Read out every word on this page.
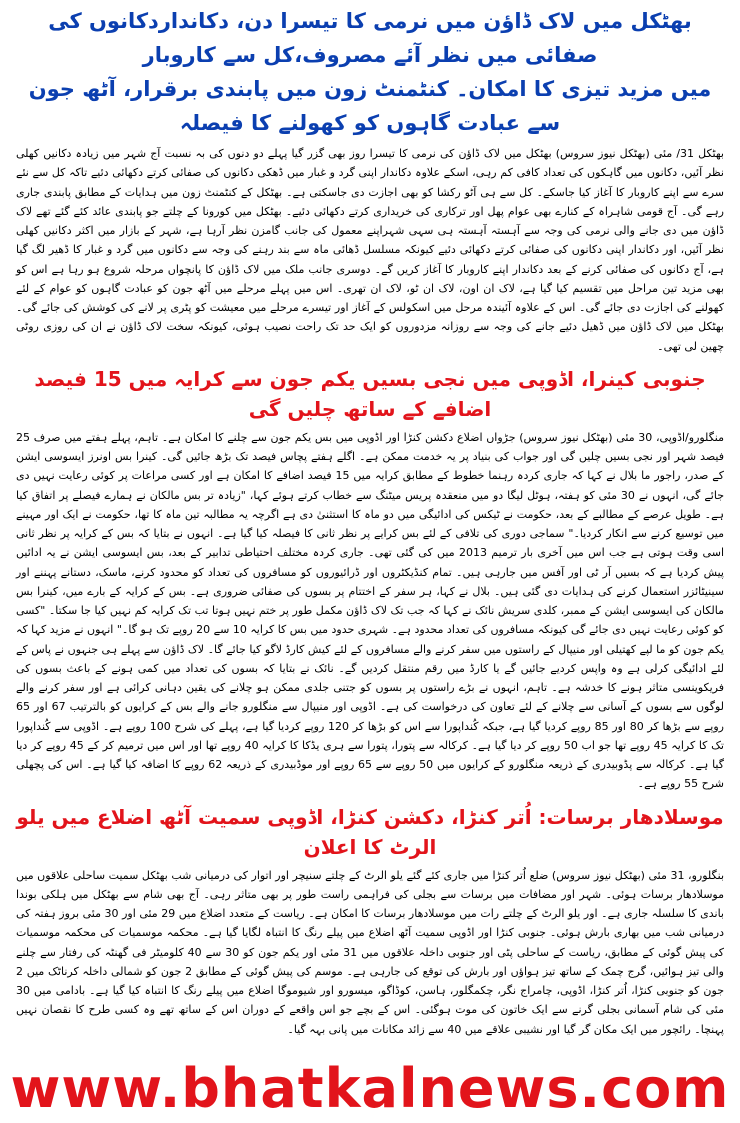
بھٹکل میں لاک ڈاؤن میں نرمی کا تیسرا دن، دکانداردکانوں کی صفائی میں نظر آئے مصروف،کل سے کاروبار
میں مزید تیزی کا امکان۔ کنٹمنٹ زون میں پابندی برقرار، آٹھ جون سے عبادت گاہوں کو کھولنے کا فیصلہ

بھٹکل 31/ مئی (بھٹکل نیوز سروس) بھٹکل میں لاک ڈاؤن کی نرمی کا تیسرا روز بھی گزر گیا پہلے دو دنوں کی بہ نسبت آج شہر میں زیادہ دکانیں کھلی نظر آئیں، دکانوں میں گاہکوں کی تعداد کافی کم رہی، اسکے علاوہ دکاندار اپنی گرد و غبار میں ڈھکی دکانوں کی صفائی کرتے دکھائی دئیے تاکہ کل سے نئے سرے سے اپنے کاروبار کا آغاز کیا جاسکے۔ کل سے ہی آٹو رکشا کو بھی اجازت دی جاسکتی ہے۔ بھٹکل کے کنٹمنٹ زون میں ہدایات کے مطابق پابندی جاری رہے گی۔ آج قومی شاہراہ کے کنارے بھی عوام پھل اور ترکاری کی خریداری کرتے دکھائی دئیے۔ بھٹکل میں کورونا کے چلتے جو پابندی عائد کئے گئے تھے لاک ڈاؤن میں دی جانے والی نرمی کی وجہ سے آہستہ آہستہ ہی سہی شہراپنے معمول کی جانب گامزن نظر آرہا ہے، شہر کے بازار میں اکثر دکانیں کھلی نظر آئیں، اور دکاندار اپنی دکانوں کی صفائی کرتے دکھائی دئیے کیونکہ مسلسل ڈھائی ماہ سے بند رہنے کی وجہ سے دکانوں میں گرد و غبار کا ڈھیر لگ گیا ہے، آج دکانوں کی صفائی کرنے کے بعد دکاندار اپنے کاروبار کا آغاز کریں گے۔ دوسری جانب ملک میں لاک ڈاؤن کا پانچواں مرحلہ شروع ہو رہا ہے اس کو بھی مزید تین مراحل میں تقسیم کیا گیا ہے، لاک ان اون، لاک ان ٹو، لاک ان تھری۔ اس میں پہلے مرحلے میں آٹھ جون کو عبادت گاہوں کو عوام کے لئے کھولنے کی اجازت دی جائے گی۔ اس کے علاوہ آئیندہ مرحل میں اسکولس کے آغاز اور تیسرے مرحلے میں معیشت کو پٹری پر لانے کی کوشش کی جائے گی۔ بھٹکل میں لاک ڈاؤن میں ڈھیل دئیے جانے کی وجہ سے روزانہ مزدوروں کو ایک حد تک راحت نصیب ہوئی، کیونکہ سخت لاک ڈاؤن نے ان کی روزی روٹی چھین لی تھی۔

جنوبی کینرا، اڈوپی میں نجی بسیں یکم جون سے کرایہ میں 15 فیصد اضافے کے ساتھ چلیں گی

منگلورو/اڈوپی، 30 مئی (بھٹکل نیوز سروس) جڑواں اضلاع دکشن کنڑا اور اڈوپی میں بس یکم جون سے چلنے کا امکان ہے۔ تاہم، پہلے ہفتے میں صرف 25 فیصد شہر اور نجی بسیں چلیں گی اور جواب کی بنیاد پر یہ خدمت ممکن ہے۔ اگلے ہفتے پچاس فیصد تک بڑھ جائیں گی۔ کینرا بس اونرز ایسوسی ایشن کے صدر، راجور ما بلال نے کہا کہ جاری کردہ رہنما خطوط کے مطابق کرایہ میں 15 فیصد اضافے کا امکان ہے اور کسی مراعات پر کوئی رعایت نہیں دی جائے گی، انہوں نے 30 مئی کو ہفتہ، ہوٹل لیگا دو میں منعقدہ پریس میٹنگ سے خطاب کرتے ہوئے کہا، "زیادہ تر بس مالکان نے ہمارے فیصلے پر اتفاق کیا ہے۔ طویل عرصے کے مطالبے کے بعد، حکومت نے ٹیکس کی ادائیگی میں دو ماہ کا استثنیٰ دی ہے اگرچہ یہ مطالبہ تین ماہ کا تھا، حکومت نے ایک اور مہینے میں توسیع کرنے سے انکار کردیا۔" سماجی دوری کی تلافی کے لئے بس کرایے پر نظر ثانی کا فیصلہ کیا گیا ہے۔ انہوں نے بتایا کہ بس کے کرایہ پر نظر ثانی اسی وقت ہوتی ہے جب اس میں آخری بار ترمیم 2013 میں کی گئی تھی۔ جاری کردہ مختلف احتیاطی تدابیر کے بعد، بس ایسوسی ایشن نے یہ ادائیں پیش کردیا ہے کہ بسیں آر ٹی اور آفس میں جارہی ہیں۔ تمام کنڈیکٹروں اور ڈرائیوروں کو مسافروں کی تعداد کو محدود کرنے، ماسک، دستانے پہننے اور سینیٹائزر استعمال کرنے کی ہدایات دی گئی ہیں۔ بلال نے کہا، ہر سفر کے اختتام پر بسوں کی صفائی ضروری ہے۔ بس کے کرایہ کے بارے میں، کینرا بس مالکان کی ایسوسی ایشن کے ممبر، کلدی سریش نائک نے کہا کہ جب تک لاک ڈاؤن مکمل طور پر ختم نہیں ہوتا تب تک کرایہ کم نہیں کیا جا سکتا۔ "کسی کو کوئی رعایت نہیں دی جائے گی کیونکہ مسافروں کی تعداد محدود ہے۔ شہری حدود میں بس کا کرایہ 10 سے 20 روپے تک ہو گا۔" انہوں نے مزید کہا کہ یکم جون کو ما لپے کھتیلی اور منیپال کے راستوں میں سفر کرنے والے مسافروں کے لئے کیش کارڈ لاگو کیا جائے گا۔ لاک ڈاؤن سے پہلے ہی جنہوں نے پاس کے لئے ادائیگی کرلی ہے وہ واپس کردیے جائیں گے یا کارڈ میں رقم منتقل کردیں گے۔ نائک نے بتایا کہ بسوں کی تعداد میں کمی ہونے کے باعث بسوں کی فریکوینسی متاثر ہونے کا خدشہ ہے۔ تاہم، انہوں نے بڑے راستوں پر بسوں کو جتنی جلدی ممکن ہو چلانے کی یقین دہانی کرائی ہے اور سفر کرنے والے لوگوں سے بسوں کے آسانی سے چلانے کے لئے تعاون کی درخواست کی ہے۔ اڈوپی اور منیپال سے منگلورو جانے والے بس کے کرایوں کو بالترتیب 67 اور 65 روپے سے بڑھا کر 80 اور 85 روپے کردیا گیا ہے، جبکہ کُنداپورا سے اس کو بڑھا کر 120 روپے کردیا گیا ہے، پہلے کی شرح 100 روپے ہے۔ اڈوپی سے کُنداپورا تک کا کرایہ 45 روپے تھا جو اب 50 روپے کر دیا گیا ہے۔ کرکالہ سے پتورا، پتورا سے ہری یڈکا کا کرایہ 40 روپے تھا اور اس میں ترمیم کر کے 45 روپے کر دیا گیا ہے۔ کرکالہ سے پڈوبیدری کے ذریعہ منگلورو کے کرایوں میں 50 روپے سے 65 روپے اور موڈبیدری کے ذریعہ 62 روپے کا اضافہ کیا گیا ہے۔ اس کی پچھلی شرح 55 روپے ہے۔

موسلادھار برسات: اُتر کنڑا، دکشن کنڑا، اڈوپی سمیت آٹھ اضلاع میں یلو الرٹ کا اعلان

بنگلورو، 31 مئی (بھٹکل نیوز سروس) ضلع اُتر کنڑا میں جاری کئے گئے یلو الرٹ کے چلتے سنیچر اور اتوار کی درمیانی شب بھٹکل سمیت ساحلی علاقوں میں موسلادھار برسات ہوئی۔ شہر اور مضافات میں برسات سے بجلی کی فراہمی راست طور پر بھی متاثر رہی۔ آج بھی شام سے بھٹکل میں ہلکی بوندا باندی کا سلسلہ جاری ہے۔ اور یلو الرٹ کے چلتے رات میں موسلادھار برسات کا امکان ہے۔ ریاست کے متعدد اضلاع میں 29 مئی اور 30 مئی بروز ہفتہ کی درمیانی شب میں بھاری بارش ہوئی۔ جنوبی کنڑا اور اڈوپی سمیت آٹھ اضلاع میں پیلے رنگ کا انتباہ لگایا گیا ہے۔ محکمہ موسمیات کی محکمہ موسمیات کی پیش گوئی کے مطابق، ریاست کے ساحلی پٹی اور جنوبی داخلہ علاقوں میں 31 مئی اور یکم جون کو 30 سے 40 کلومیٹر فی گھنٹہ کی رفتار سے چلنے والی تیز ہوائیں، گرج چمک کے ساتھ تیز ہواؤں اور بارش کی توقع کی جارہی ہے۔ موسم کی پیش گوئی کے مطابق 2 جون کو شمالی داخلہ کرناٹک میں 2 جون کو جنوبی کنڑا، اُتر کنڑا، اڈوپی، چامراج نگر، چکمگلور، ہاسن، کوڈاگو، میسورو اور شیوموگا اضلاع میں پیلے رنگ کا انتباہ کیا گیا ہے۔ بادامی میں 30 مئی کی شام آسمانی بجلی گرنے سے ایک خاتون کی موت ہوگئی۔ اس کے بچے جو اس واقعے کے دوران اس کے ساتھ تھے وہ کسی طرح کا نقصان نہیں پہنچا۔ رائچور میں ایک مکان گر گیا اور نشیبی علاقے میں 40 سے زائد مکانات میں پانی بہہ گیا۔

www.bhatkalnews.com
